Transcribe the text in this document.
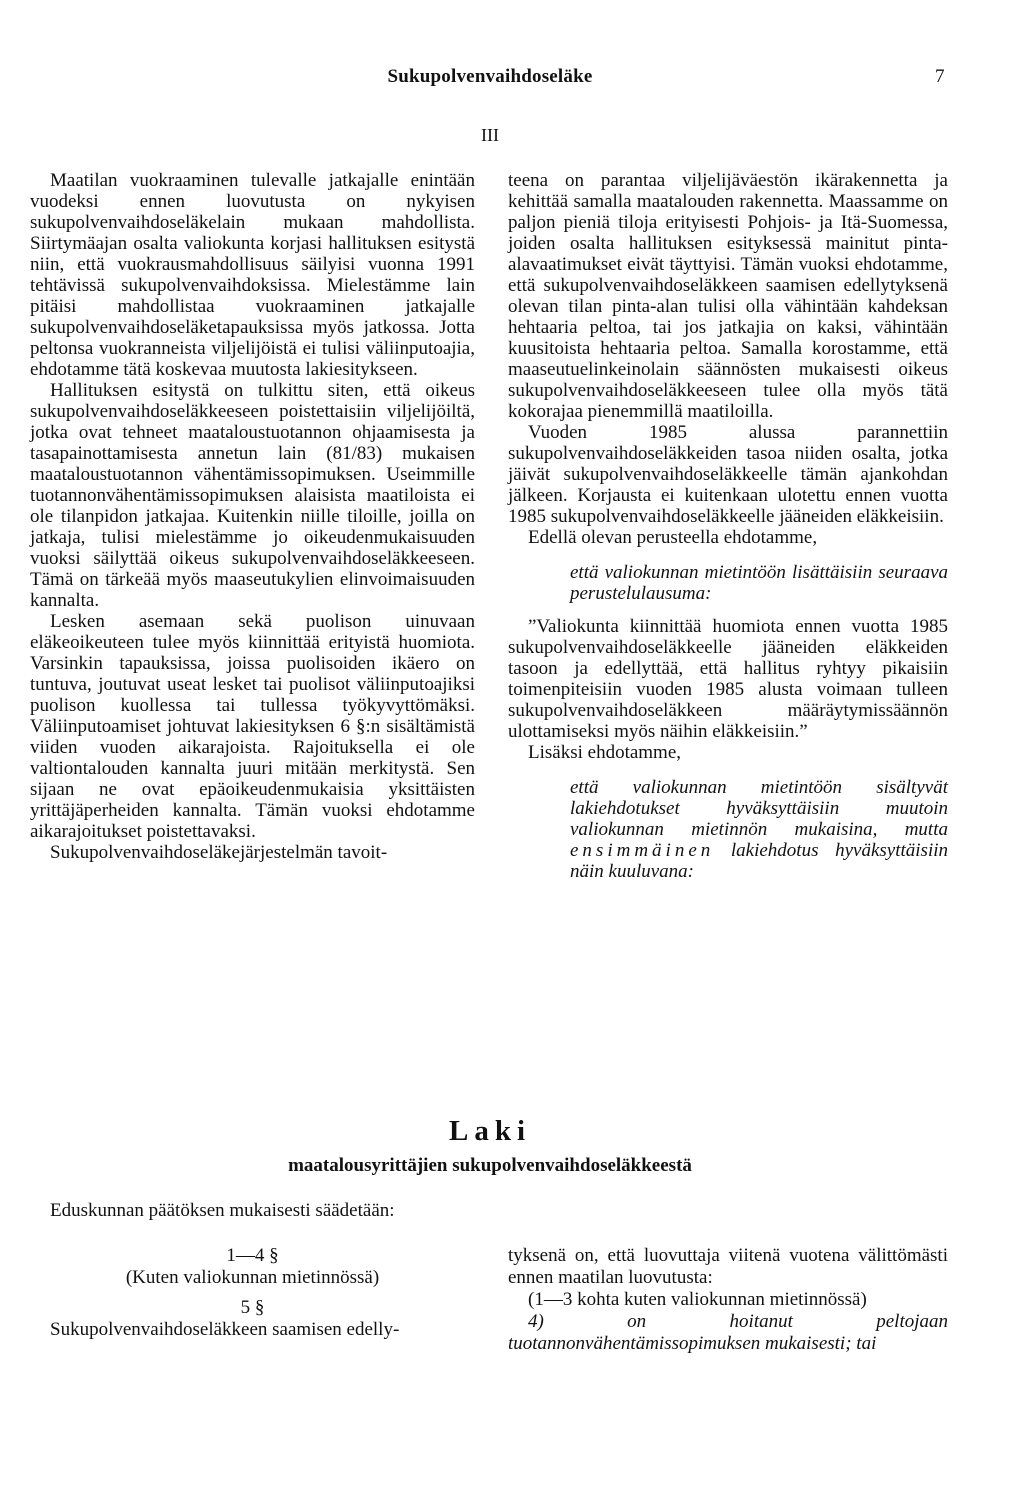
Sukupolvenvaihdoseläke	7
III

Maatilan vuokraaminen tulevalle jatkajalle enintään vuodeksi ennen luovutusta on nykyisen sukupolvenvaihdoseläkelain mukaan mahdollista. Siirtymäajan osalta valiokunta korjasi hallituksen esitystä niin, että vuokrausmahdollisuus säilyisi vuonna 1991 tehtävissä sukupolvenvaihdoksissa. Mielestämme lain pitäisi mahdollistaa vuokraaminen jatkajalle sukupolvenvaihdoseläketapauksissa myös jatkossa. Jotta peltonsa vuokranneista viljelijöistä ei tulisi väliinputoajia, ehdotamme tätä koskevaa muutosta lakiesitykseen.

Hallituksen esitystä on tulkittu siten, että oikeus sukupolvenvaihdoseläkkeeseen poistettaisiin viljelijöiltä, jotka ovat tehneet maataloustuotannon ohjaamisesta ja tasapainottamisesta annetun lain (81/83) mukaisen maataloustuotannon vähentämissopimuksen. Useimmille tuotannonvähentämissopimuksen alaisista maatiloista ei ole tilanpidon jatkajaa. Kuitenkin niille tiloille, joilla on jatkaja, tulisi mielestämme jo oikeudenmukaisuuden vuoksi säilyttää oikeus sukupolvenvaihdoseläkkeeseen. Tämä on tärkeää myös maaseutukylien elinvoimaisuuden kannalta.

Lesken asemaan sekä puolison uinuvaan eläkeoikeuteen tulee myös kiinnittää erityistä huomiota. Varsinkin tapauksissa, joissa puolisoiden ikäero on tuntuva, joutuvat useat lesket tai puolisot väliinputoajiksi puolison kuollessa tai tullessa työkyvyttömäksi. Väliinputoamiset johtuvat lakiesityksen 6 §:n sisältämistä viiden vuoden aikarajoista. Rajoituksella ei ole valtiontalouden kannalta juuri mitään merkitystä. Sen sijaan ne ovat epäoikeudenmukaisia yksittäisten yrittäjäperheiden kannalta. Tämän vuoksi ehdotamme aikarajoitukset poistettavaksi.

Sukupolvenvaihdoseläkejärjestelmän tavoit-

teena on parantaa viljelijäväestön ikärakennetta ja kehittää samalla maatalouden rakennetta. Maassamme on paljon pieniä tiloja erityisesti Pohjois- ja Itä-Suomessa, joiden osalta hallituksen esityksessä mainitut pinta-alavaatimukset eivät täyttyisi. Tämän vuoksi ehdotamme, että sukupolvenvaihdoseläkkeen saamisen edellytyksenä olevan tilan pinta-alan tulisi olla vähintään kahdeksan hehtaaria peltoa, tai jos jatkajia on kaksi, vähintään kuusitoista hehtaaria peltoa. Samalla korostamme, että maaseutuelinkeinolain säännösten mukaisesti oikeus sukupolvenvaihdoseläkkeeseen tulee olla myös tätä kokorajaa pienemmillä maatiloilla.

Vuoden 1985 alussa parannettiin sukupolvenvaihdoseläkkeiden tasoa niiden osalta, jotka jäivät sukupolvenvaihdoseläkkeelle tämän ajankohdan jälkeen. Korjausta ei kuitenkaan ulotettu ennen vuotta 1985 sukupolvenvaihdoseläkkeelle jääneiden eläkkeisiin.

Edellä olevan perusteella ehdotamme,

että valiokunnan mietintöön lisättäisiin seuraava perustelulausuma:

”Valiokunta kiinnittää huomiota ennen vuotta 1985 sukupolvenvaihdoseläkkeelle jääneiden eläkkeiden tasoon ja edellyttää, että hallitus ryhtyy pikaisiin toimenpiteisiin vuoden 1985 alusta voimaan tulleen sukupolvenvaihdoseläkkeen määräytymissäännön ulottamiseksi myös näihin eläkkeisiin.”

Lisäksi ehdotamme,

että valiokunnan mietintöön sisältyvät lakiehdotukset hyväksyttäisiin muutoin valiokunnan mietinnön mukaisina, mutta ensimmäinen lakiehdotus hyväksyttäisiin näin kuuluvana:

Laki
maatalousyrittäjien sukupolvenvaihdoseläkkeestä
Eduskunnan päätöksen mukaisesti säädetään:
1—4 §
(Kuten valiokunnan mietinnössä)
5 §
Sukupolvenvaihdoseläkkeen saamisen edelly-

tyksenä on, että luovuttaja viitenä vuotena välittömästi ennen maatilan luovutusta:

(1—3 kohta kuten valiokunnan mietinnössä)

4) on hoitanut peltojaan tuotannonvähentämissopimuksen mukaisesti; tai
